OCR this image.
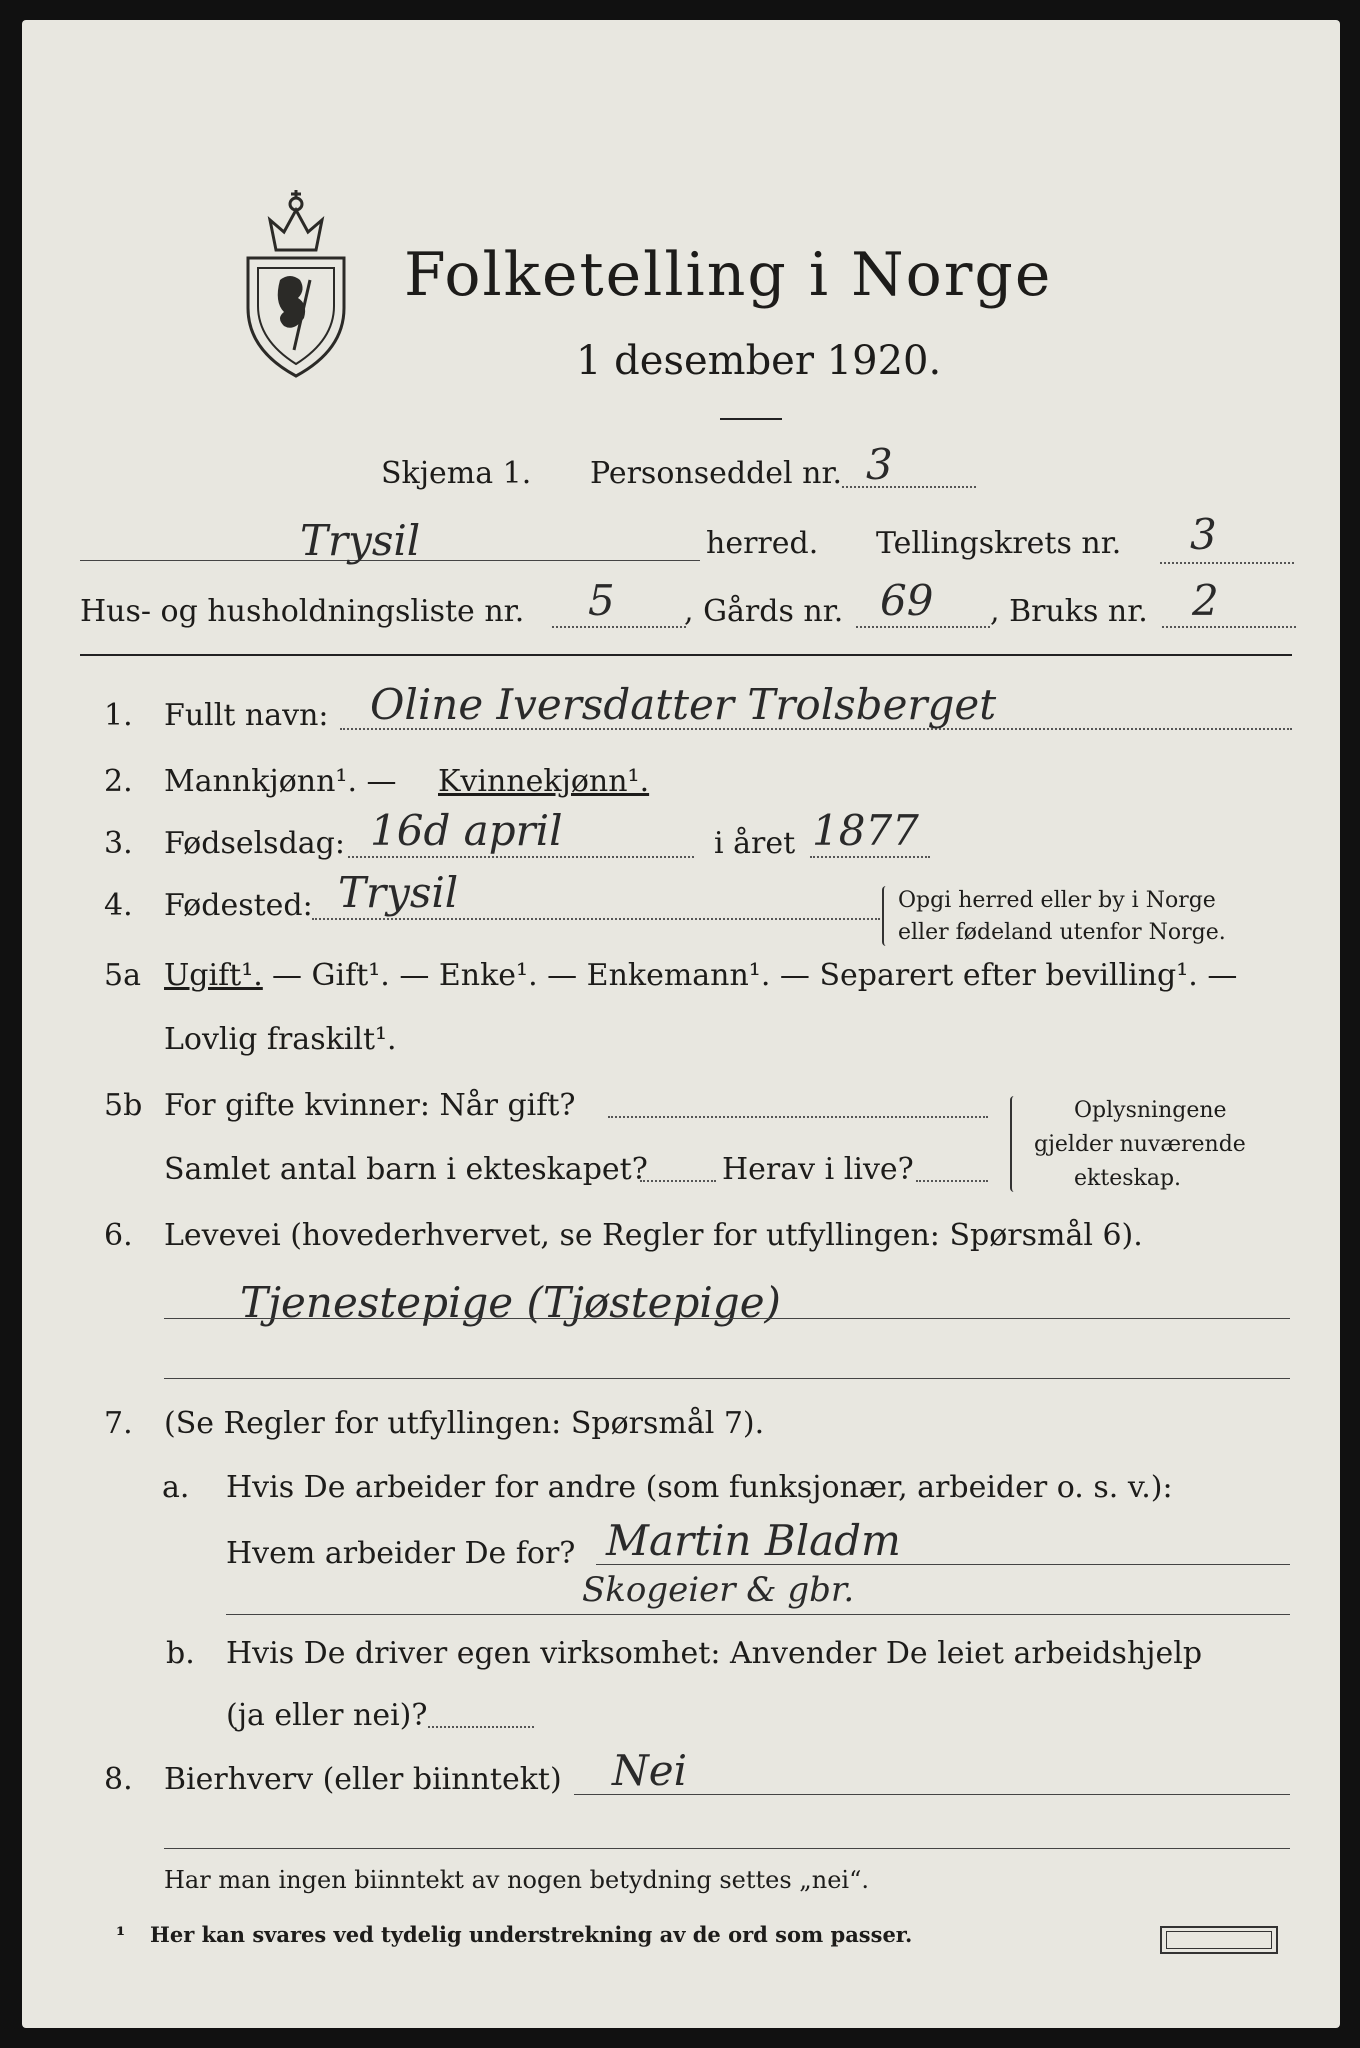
Folketelling i Norge
1 desember 1920.
Skjema 1. Personseddel nr. 3
Trysil	herred. Tellingskrets nr. 3
Hus- og husholdningsliste nr. 5 , Gårds nr. 69 , Bruks nr. 2
1. Fullt navn: Oline Iversdatter Trolsberget
2. Mannkjønn¹. — Kvinnekjønn¹.
3. Fødselsdag: 16d april	i året 1877
4. Fødested: Trysil	Opgi herred eller by i Norge
eller fødeland utenfor Norge.
5a Ugift¹. — Gift¹. — Enke¹. — Enkemann¹. — Separert efter bevilling¹. —
Lovlig fraskilt¹.
5b For gifte kvinner: Når gift?
Samlet antal barn i ekteskapet? Herav i live?
Oplysningene
gjelder nuværende
ekteskap.
6. Levevei (hovederhvervet, se Regler for utfyllingen: Spørsmål 6).
Tjenestepige (Tjøstepige)
7. (Se Regler for utfyllingen: Spørsmål 7).
a. Hvis De arbeider for andre (som funksjonær, arbeider o. s. v.):
Hvem arbeider De for? Martin Bladm
Skogeier & gbr.
b. Hvis De driver egen virksomhet: Anvender De leiet arbeidshjelp
(ja eller nei)?
8. Bierhverv (eller biinntekt) Nei
Har man ingen biinntekt av nogen betydning settes „nei“.
¹ Her kan svares ved tydelig understrekning av de ord som passer.
